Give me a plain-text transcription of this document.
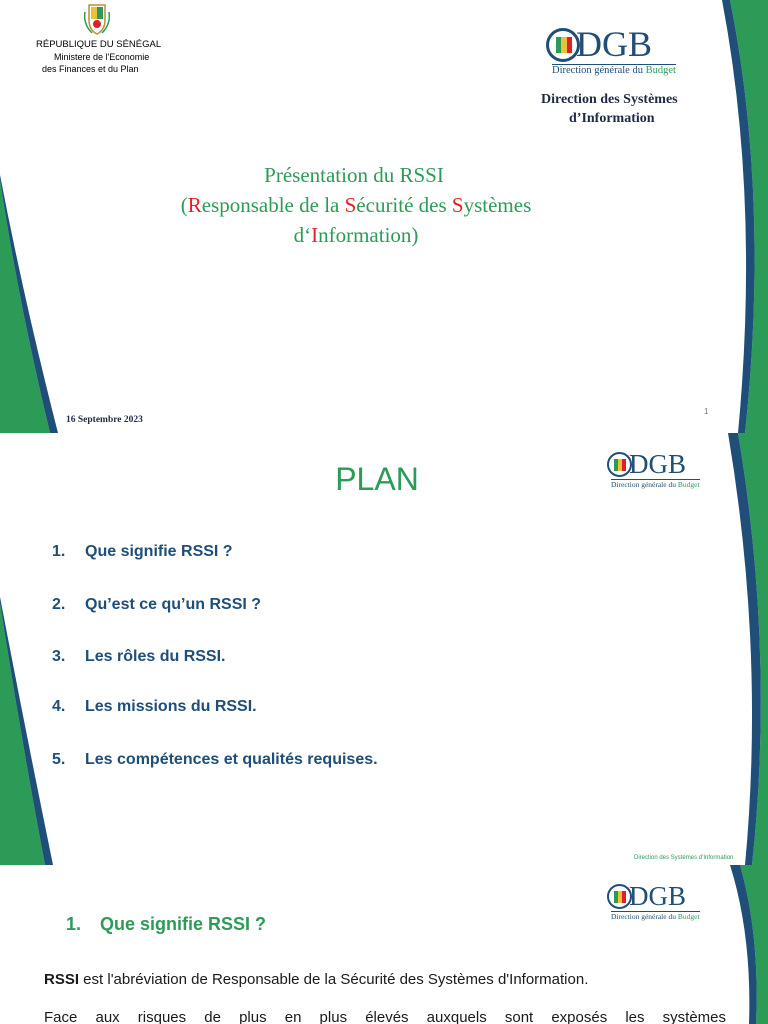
RÉPUBLIQUE DU SÉNÉGAL
Ministere de l'Economie
des Finances et du Plan
DGB
Direction générale du Budget
Direction des Systèmes
d’Information
Présentation du RSSI
(Responsable de la Sécurité des Systèmes
d‘Information)
16 Septembre 2023
1
PLAN	DGB
Direction générale du Budget
1. Que signifie RSSI ?
2. Qu’est ce qu’un RSSI ?
3. Les rôles du RSSI.
4. Les missions du RSSI.
5. Les compétences et qualités requises.
Direction des Systèmes d’Information
DGB
Direction générale du Budget
1. Que signifie RSSI ?
RSSI est l'abréviation de Responsable de la Sécurité des Systèmes d'Information.
Face aux risques de plus en plus élevés auxquels sont exposés les systèmes
